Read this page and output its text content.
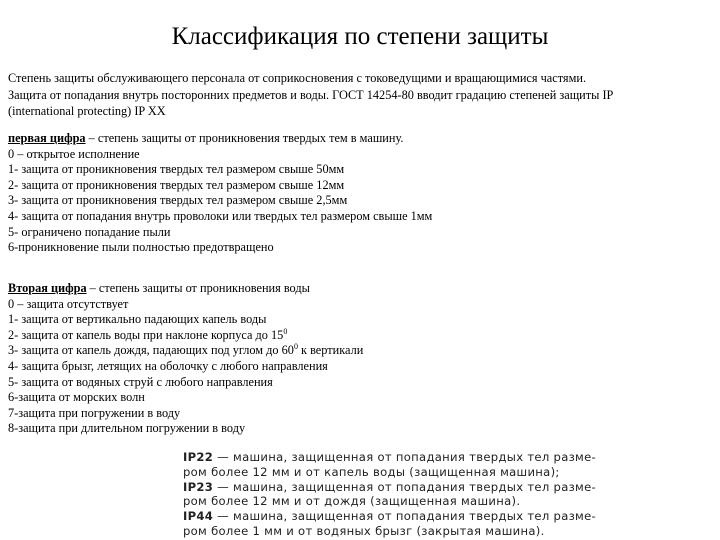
Классификация по степени защиты
Степень защиты обслуживающего персонала от соприкосновения с токоведущими и вращающимися частями.
Защита от попадания внутрь посторонних предметов и воды. ГОСТ 14254-80 вводит градацию степеней защиты IP
(international protecting) IP XX
первая цифра – степень защиты от проникновения твердых тем в машину.
0 – открытое исполнение
1- защита от проникновения твердых тел размером свыше 50мм
2- защита от проникновения твердых тел размером свыше 12мм
3- защита от проникновения твердых тел размером свыше 2,5мм
4- защита от попадания внутрь проволоки или твердых тел размером свыше 1мм
5- ограничено попадание пыли
6-проникновение пыли полностью предотвращено
Вторая цифра – степень защиты от проникновения воды
0 – защита отсутствует
1- защита от вертикально падающих капель воды
2- защита от капель воды при наклоне корпуса до $15^0$
3- защита от капель дождя, падающих под углом до $60^0$ к вертикали
4- защита брызг, летящих на оболочку с любого направления
5- защита от водяных струй с любого направления
6-защита от морских волн
7-защита при погружении в воду
8-защита при длительном погружении в воду
IP22 — машина, защищенная от попадания твердых тел разме-
ром более 12 мм и от капель воды (защищенная машина);
IP23 — машина, защищенная от попадания твердых тел разме-
ром более 12 мм и от дождя (защищенная машина).
IP44 — машина, защищенная от попадания твердых тел разме-
ром более 1 мм и от водяных брызг (закрытая машина).
